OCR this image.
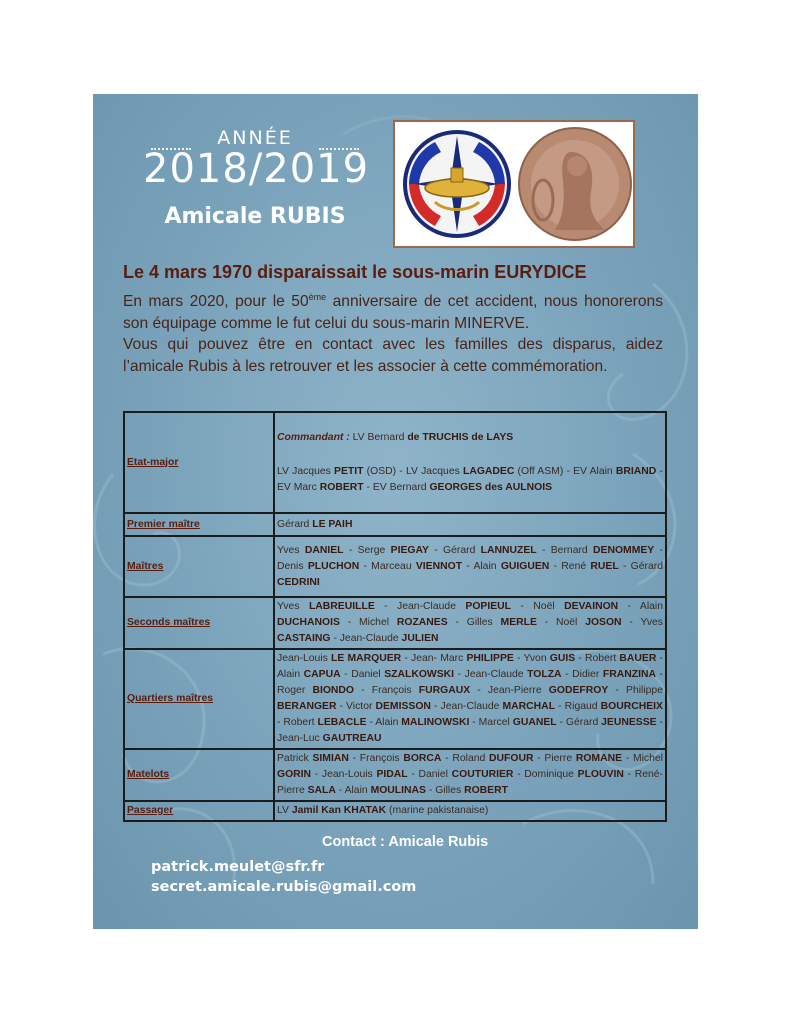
ANNÉE
2018/2019
Amicale RUBIS
Le 4 mars 1970 disparaissait le sous-marin EURYDICE
En mars 2020, pour le 50ème anniversaire de cet accident, nous honorerons son équipage comme le fut celui du sous-marin MINERVE.
Vous qui pouvez être en contact avec les familles des disparus, aidez l’amicale Rubis à les retrouver et les associer à cette commémoration.
Etat-major	Commandant : LV Bernard de TRUCHIS de LAYS
LV Jacques PETIT (OSD) - LV Jacques LAGADEC (Off ASM) - EV Alain BRIAND - EV Marc ROBERT - EV Bernard GEORGES des AULNOIS

Premier maître	Gérard LE PAIH
Maîtres	Yves DANIEL - Serge PIEGAY - Gérard LANNUZEL - Bernard DENOMMEY - Denis PLUCHON - Marceau VIENNOT - Alain GUIGUEN - René RUEL - Gérard CEDRINI
Seconds maîtres	Yves LABREUILLE - Jean-Claude POPIEUL - Noël DEVAINON - Alain DUCHANOIS - Michel ROZANES - Gilles MERLE - Noël JOSON - Yves CASTAING - Jean-Claude JULIEN
Quartiers maîtres	Jean-Louis LE MARQUER - Jean- Marc PHILIPPE - Yvon GUIS - Robert BAUER - Alain CAPUA - Daniel SZALKOWSKI - Jean-Claude TOLZA - Didier FRANZINA - Roger BIONDO - François FURGAUX - Jean-Pierre GODEFROY - Philippe BERANGER - Victor DEMISSON - Jean-Claude MARCHAL - Rigaud BOURCHEIX - Robert LEBACLE - Alain MALINOWSKI - Marcel GUANEL - Gérard JEUNESSE - Jean-Luc GAUTREAU
Matelots	Patrick SIMIAN - François BORCA - Roland DUFOUR - Pierre ROMANE - Michel GORIN - Jean-Louis PIDAL - Daniel COUTURIER - Dominique PLOUVIN - René-Pierre SALA - Alain MOULINAS - Gilles ROBERT
Passager	LV Jamil Kan KHATAK (marine pakistanaise)
Contact : Amicale Rubis
patrick.meulet@sfr.fr
secret.amicale.rubis@gmail.com
